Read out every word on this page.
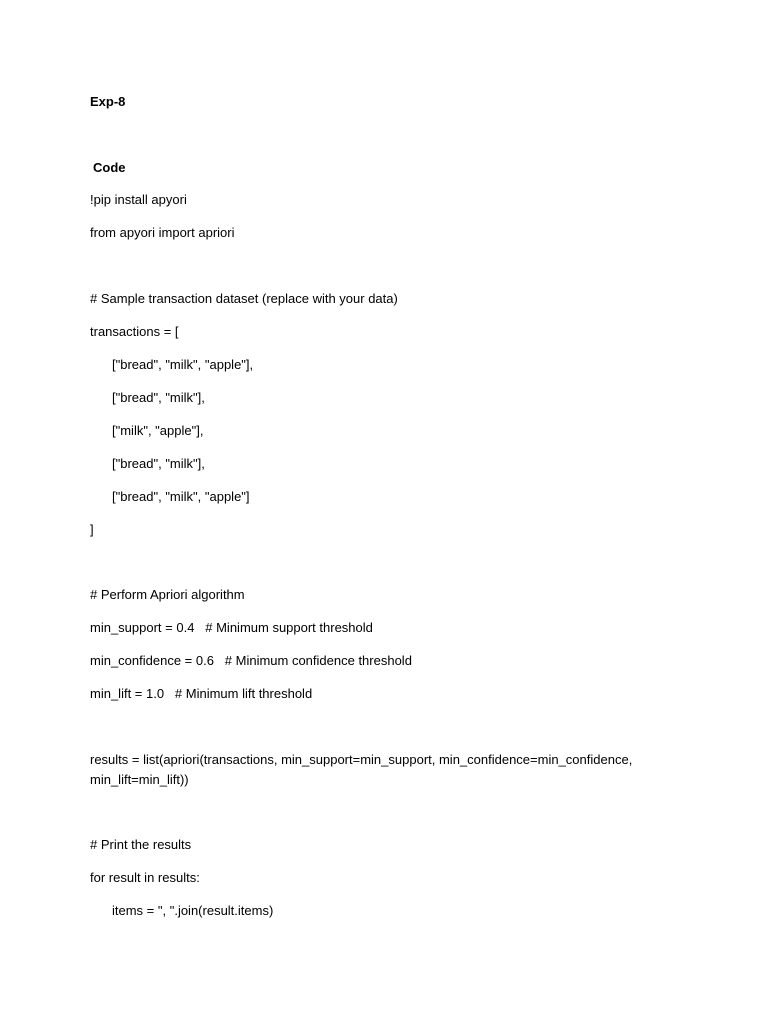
Exp-8
Code
!pip install apyori
from apyori import apriori
# Sample transaction dataset (replace with your data)
transactions = [
["bread", "milk", "apple"],
["bread", "milk"],
["milk", "apple"],
["bread", "milk"],
["bread", "milk", "apple"]
]
# Perform Apriori algorithm
min_support = 0.4   # Minimum support threshold
min_confidence = 0.6   # Minimum confidence threshold
min_lift = 1.0   # Minimum lift threshold
results = list(apriori(transactions, min_support=min_support, min_confidence=min_confidence,
min_lift=min_lift))
# Print the results
for result in results:
items = ", ".join(result.items)
